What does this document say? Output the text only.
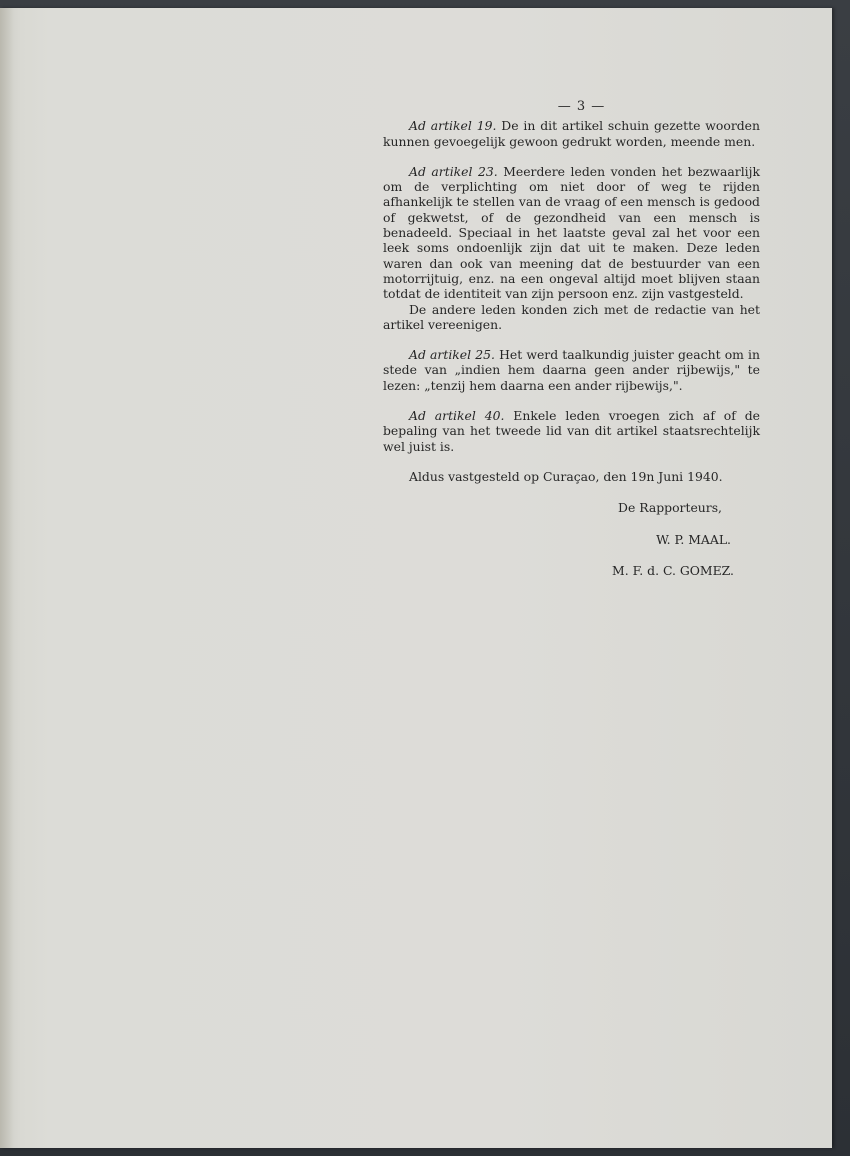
— 3 —

Ad artikel 19. De in dit artikel schuin gezette woorden kunnen gevoegelijk gewoon gedrukt worden, meende men.

Ad artikel 23. Meerdere leden vonden het bezwaarlijk om de verplichting om niet door of weg te rijden afhankelijk te stellen van de vraag of een mensch is gedood of gekwetst, of de gezondheid van een mensch is benadeeld. Speciaal in het laatste geval zal het voor een leek soms ondoenlijk zijn dat uit te maken. Deze leden waren dan ook van meening dat de bestuurder van een motorrijtuig, enz. na een ongeval altijd moet blijven staan totdat de identiteit van zijn persoon enz. zijn vastgesteld.

De andere leden konden zich met de redactie van het artikel vereenigen.

Ad artikel 25. Het werd taalkundig juister geacht om in stede van „indien hem daarna geen ander rijbewijs," te lezen: „tenzij hem daarna een ander rijbewijs,".

Ad artikel 40. Enkele leden vroegen zich af of de bepaling van het tweede lid van dit artikel staatsrechtelijk wel juist is.

Aldus vastgesteld op Curaçao, den 19n Juni 1940.

De Rapporteurs,
W. P. MAAL.
M. F. d. C. GOMEZ.
